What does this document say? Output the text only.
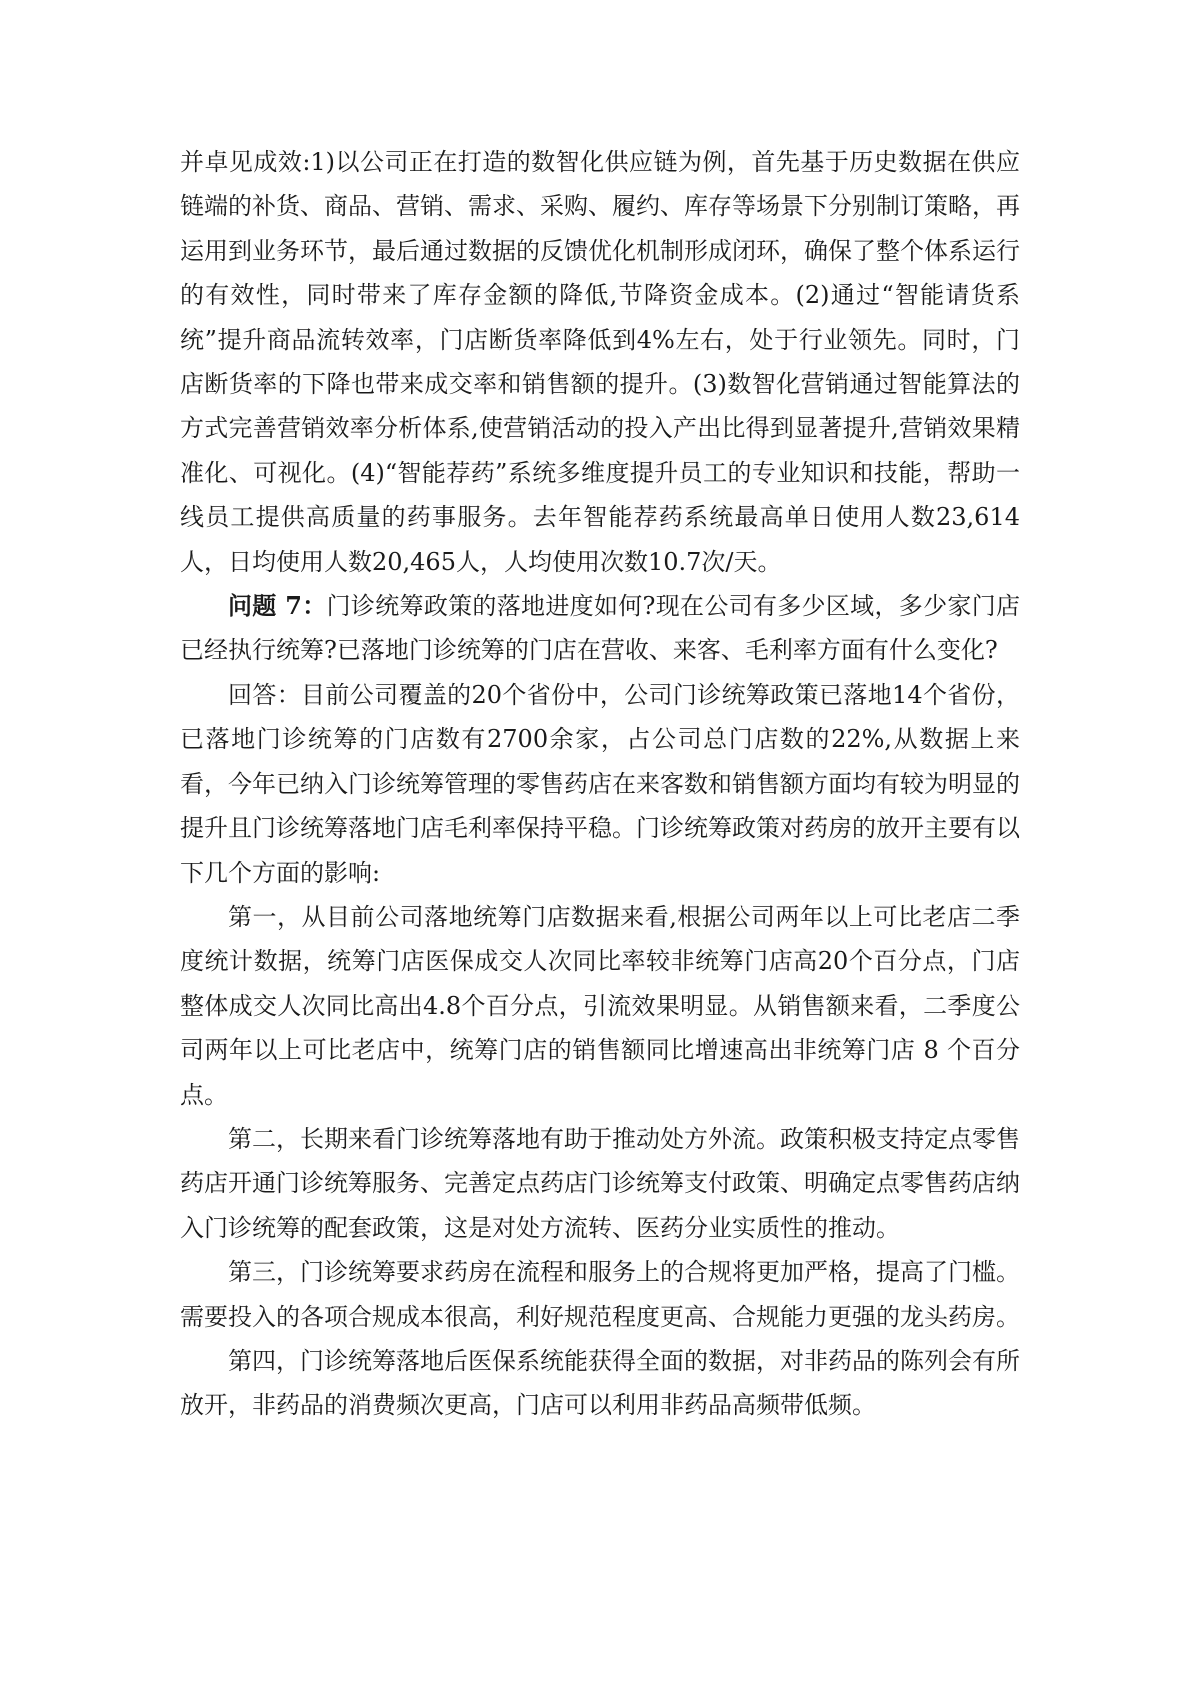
并卓见成效:1)以公司正在打造的数智化供应链为例，首先基于历史数据在供应链端的补货、商品、营销、需求、采购、履约、库存等场景下分别制订策略，再运用到业务环节，最后通过数据的反馈优化机制形成闭环，确保了整个体系运行的有效性，同时带来了库存金额的降低,节降资金成本。(2)通过“智能请货系统”提升商品流转效率，门店断货率降低到4%左右，处于行业领先。同时，门店断货率的下降也带来成交率和销售额的提升。(3)数智化营销通过智能算法的方式完善营销效率分析体系,使营销活动的投入产出比得到显著提升,营销效果精准化、可视化。(4)“智能荐药”系统多维度提升员工的专业知识和技能，帮助一线员工提供高质量的药事服务。去年智能荐药系统最高单日使用人数23,614人，日均使用人数20,465人，人均使用次数10.7次/天。

问题 7：门诊统筹政策的落地进度如何?现在公司有多少区域，多少家门店已经执行统筹?已落地门诊统筹的门店在营收、来客、毛利率方面有什么变化?

回答：目前公司覆盖的20个省份中，公司门诊统筹政策已落地14个省份，已落地门诊统筹的门店数有2700余家，占公司总门店数的22%,从数据上来看，今年已纳入门诊统筹管理的零售药店在来客数和销售额方面均有较为明显的提升且门诊统筹落地门店毛利率保持平稳。门诊统筹政策对药房的放开主要有以下几个方面的影响:

第一，从目前公司落地统筹门店数据来看,根据公司两年以上可比老店二季度统计数据，统筹门店医保成交人次同比率较非统筹门店高20个百分点，门店整体成交人次同比高出4.8个百分点，引流效果明显。从销售额来看，二季度公司两年以上可比老店中，统筹门店的销售额同比增速高出非统筹门店 8 个百分点。

第二，长期来看门诊统筹落地有助于推动处方外流。政策积极支持定点零售药店开通门诊统筹服务、完善定点药店门诊统筹支付政策、明确定点零售药店纳入门诊统筹的配套政策，这是对处方流转、医药分业实质性的推动。

第三，门诊统筹要求药房在流程和服务上的合规将更加严格，提高了门槛。需要投入的各项合规成本很高，利好规范程度更高、合规能力更强的龙头药房。

第四，门诊统筹落地后医保系统能获得全面的数据，对非药品的陈列会有所放开，非药品的消费频次更高，门店可以利用非药品高频带低频。
